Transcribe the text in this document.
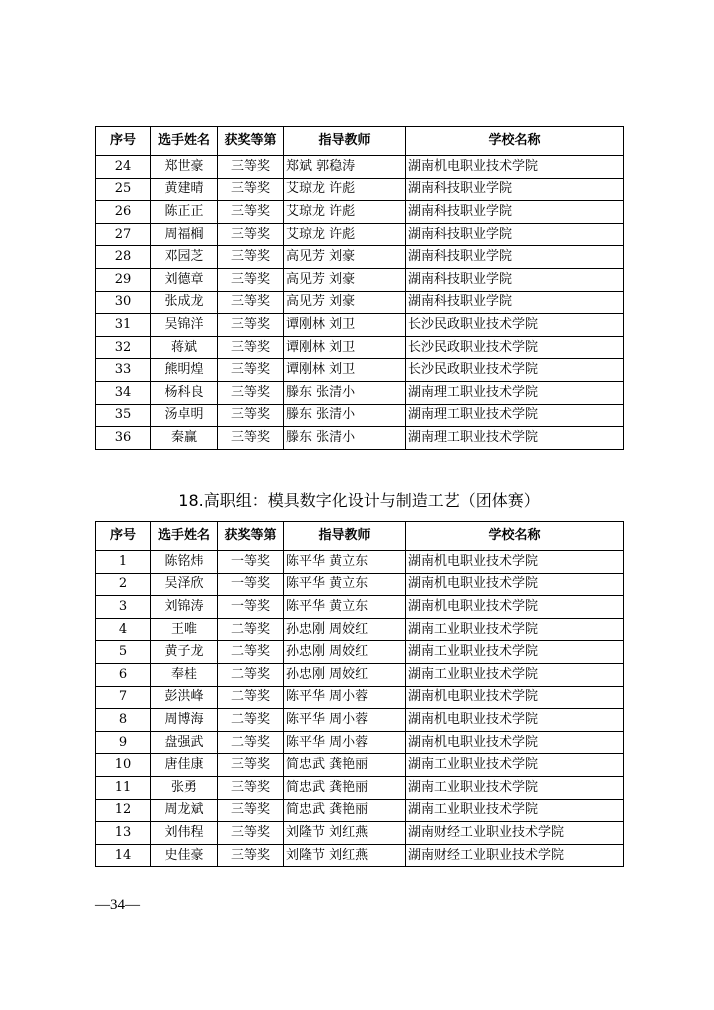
序号	选手姓名	获奖等第	指导教师	学校名称
24	郑世豪	三等奖	郑斌 郭稳涛	湖南机电职业技术学院
25	黄建晴	三等奖	艾琼龙 许彪	湖南科技职业学院
26	陈正正	三等奖	艾琼龙 许彪	湖南科技职业学院
27	周福榈	三等奖	艾琼龙 许彪	湖南科技职业学院
28	邓园芝	三等奖	高见芳 刘豪	湖南科技职业学院
29	刘德章	三等奖	高见芳 刘豪	湖南科技职业学院
30	张成龙	三等奖	高见芳 刘豪	湖南科技职业学院
31	吴锦洋	三等奖	谭刚林 刘卫	长沙民政职业技术学院
32	蒋斌	三等奖	谭刚林 刘卫	长沙民政职业技术学院
33	熊明煌	三等奖	谭刚林 刘卫	长沙民政职业技术学院
34	杨科良	三等奖	滕东 张清小	湖南理工职业技术学院
35	汤卓明	三等奖	滕东 张清小	湖南理工职业技术学院
36	秦赢	三等奖	滕东 张清小	湖南理工职业技术学院
18.高职组：模具数字化设计与制造工艺（团体赛）
序号	选手姓名	获奖等第	指导教师	学校名称
1	陈铭炜	一等奖	陈平华 黄立东	湖南机电职业技术学院
2	吴泽欣	一等奖	陈平华 黄立东	湖南机电职业技术学院
3	刘锦涛	一等奖	陈平华 黄立东	湖南机电职业技术学院
4	王唯	二等奖	孙忠刚 周姣红	湖南工业职业技术学院
5	黄子龙	二等奖	孙忠刚 周姣红	湖南工业职业技术学院
6	奉桂	二等奖	孙忠刚 周姣红	湖南工业职业技术学院
7	彭洪峰	二等奖	陈平华 周小蓉	湖南机电职业技术学院
8	周博海	二等奖	陈平华 周小蓉	湖南机电职业技术学院
9	盘强武	二等奖	陈平华 周小蓉	湖南机电职业技术学院
10	唐佳康	三等奖	简忠武 龚艳丽	湖南工业职业技术学院
11	张勇	三等奖	简忠武 龚艳丽	湖南工业职业技术学院
12	周龙斌	三等奖	简忠武 龚艳丽	湖南工业职业技术学院
13	刘伟程	三等奖	刘隆节 刘红燕	湖南财经工业职业技术学院
14	史佳豪	三等奖	刘隆节 刘红燕	湖南财经工业职业技术学院
—34—
